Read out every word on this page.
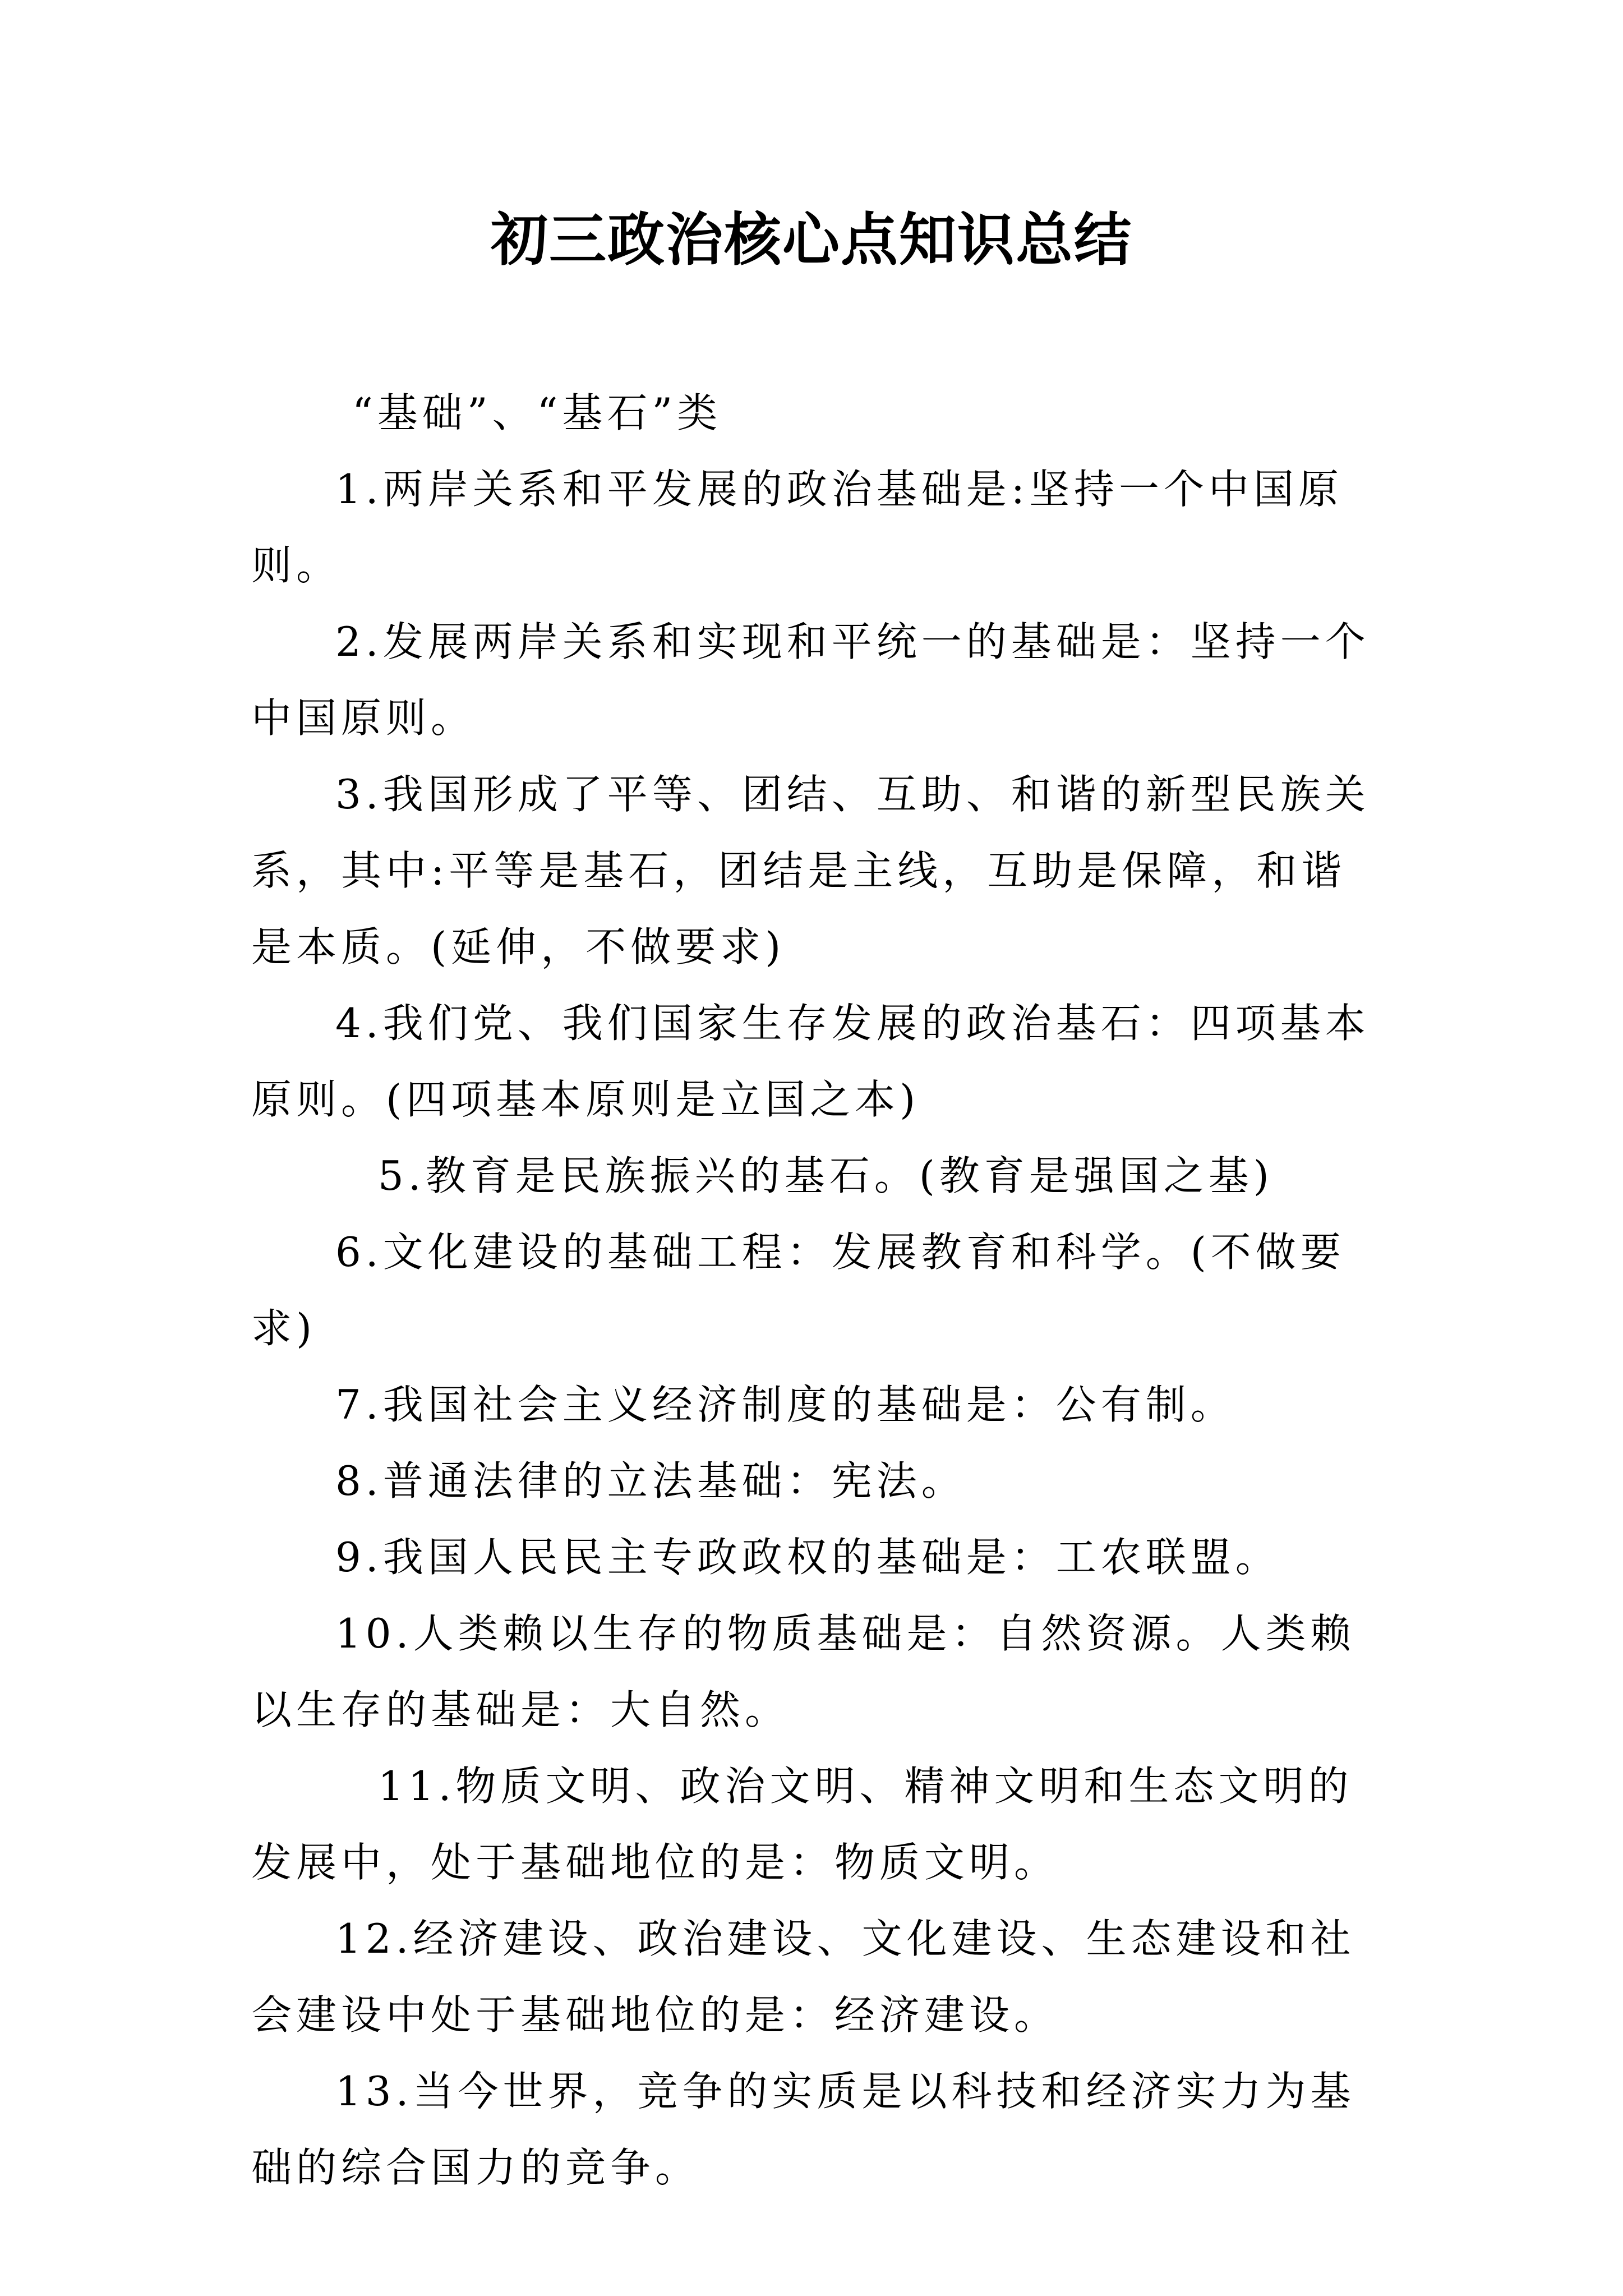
初三政治核心点知识总结

“基础”、“基石”类

1.两岸关系和平发展的政治基础是:坚持一个中国原则。

2.发展两岸关系和实现和平统一的基础是：坚持一个中国原则。

3.我国形成了平等、团结、互助、和谐的新型民族关系，其中:平等是基石，团结是主线，互助是保障，和谐是本质。(延伸，不做要求)

4.我们党、我们国家生存发展的政治基石：四项基本原则。(四项基本原则是立国之本)

5.教育是民族振兴的基石。(教育是强国之基)

6.文化建设的基础工程：发展教育和科学。(不做要求)

7.我国社会主义经济制度的基础是：公有制。

8.普通法律的立法基础：宪法。

9.我国人民民主专政政权的基础是：工农联盟。

10.人类赖以生存的物质基础是：自然资源。人类赖以生存的基础是：大自然。

11.物质文明、政治文明、精神文明和生态文明的发展中，处于基础地位的是：物质文明。

12.经济建设、政治建设、文化建设、生态建设和社会建设中处于基础地位的是：经济建设。

13.当今世界，竞争的实质是以科技和经济实力为基础的综合国力的竞争。
